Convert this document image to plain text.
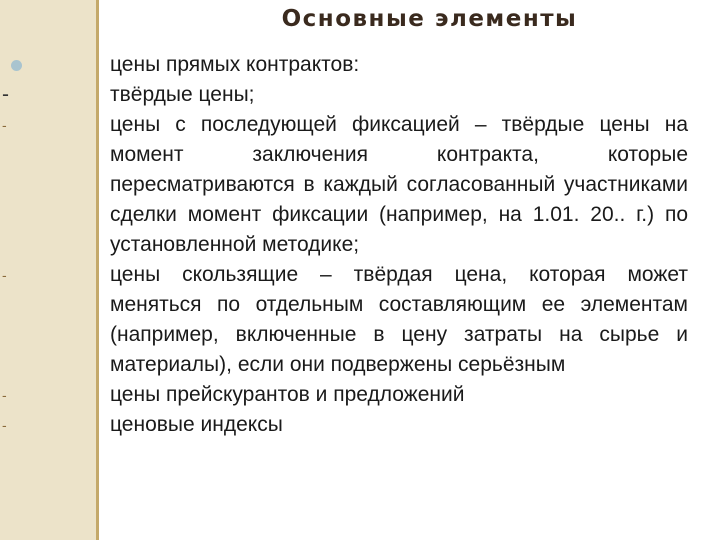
Основные элементы
цены прямых контрактов:
-	твёрдые цены;
-	цены с последующей фиксацией – твёрдые цены на момент заключения контракта, которые пересматриваются в каждый согласованный участниками сделки момент фиксации (например, на 1.01. 20.. г.) по установленной методике;
-	цены скользящие – твёрдая цена, которая может меняться по отдельным составляющим ее элементам (например, включенные в цену затраты на сырье и материалы), если они подвержены серьёзным
-	цены прейскурантов и предложений
-	ценовые индексы
